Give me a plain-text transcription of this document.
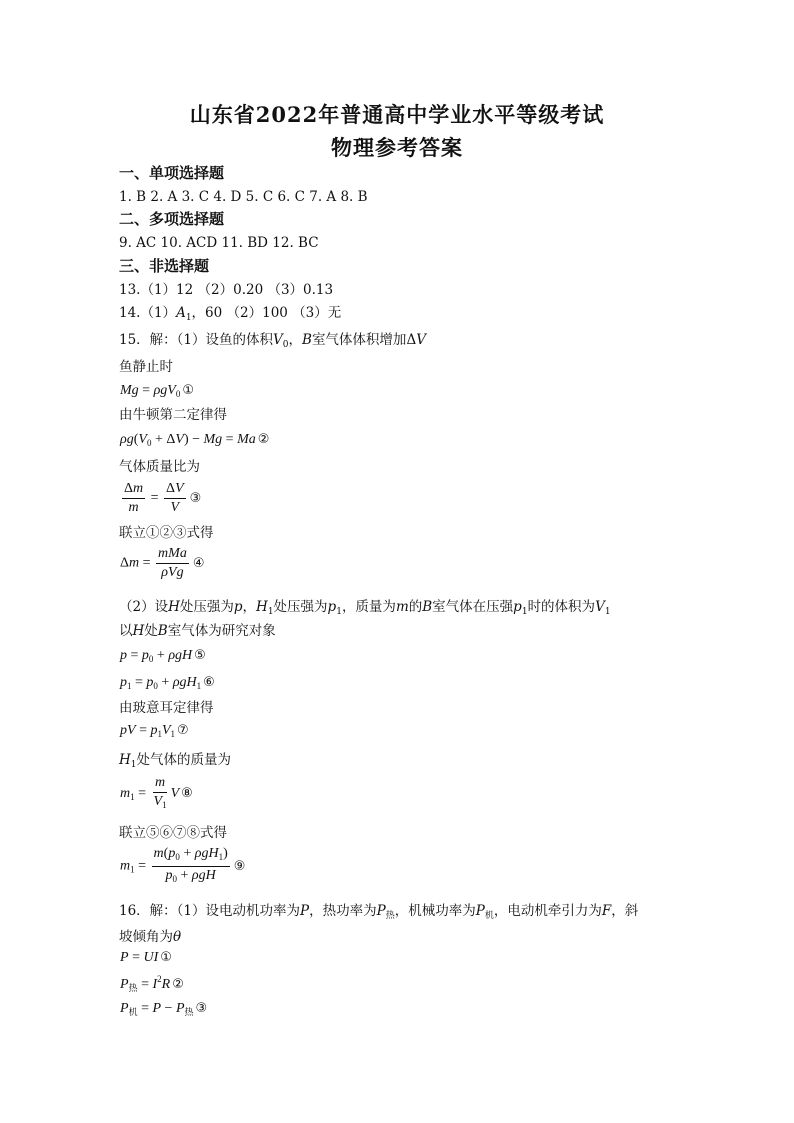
山东省2022年普通高中学业水平等级考试
物理参考答案
一、单项选择题
1. B 2. A 3. C 4. D 5. C 6. C 7. A 8. B
二、多项选择题
9. AC 10. ACD 11. BD 12. BC
三、非选择题
13.（1）12 （2）0.20 （3）0.13
$14.(1)A_1$，60 （2）100 （3）无
15．解：（1）设鱼的体积$V_0$，B室气体体积增加ΔV
鱼静止时
Mg = ρgV$_0$ ①
由牛顿第二定律得
$\rho g(V_0 + \Delta V) - Mg = Ma$ ②
气体质量比为
$\frac{\Delta m}{m} = \frac{\Delta V}{V}$ ③
联立①②③式得
$\Delta m = \frac{\text{mMa}}{\text{ρVg}}$ ④
（2）设H处压强为p，$H_1$处压强为$p_1$，质量为m的B室气体在压强$p_1$时的体积为$V_1$
以H处B室气体为研究对象
$p = p_0 + \rho gH$ ⑤
$p_1 = p_0 + \rho gH_1$ ⑥
由玻意耳定律得
pV = $p_1V_1$ ⑦
$H_1$处气体的质量为
$m_1 = \frac{m}{V_1}$ V ⑧
联立⑤⑥⑦⑧式得
$m_1 = \frac{m(p_0 + \rho gH_1)}{p_0 + \rho gH}$ ⑨
16．解：（1）设电动机功率为P，热功率为$P_热$，机械功率为$P_机$，电动机牵引力为F，斜
坡倾角为θ
P = UI ①
$P_热 = I^2R$ ②
$P_机 = P - P_热$ ③
